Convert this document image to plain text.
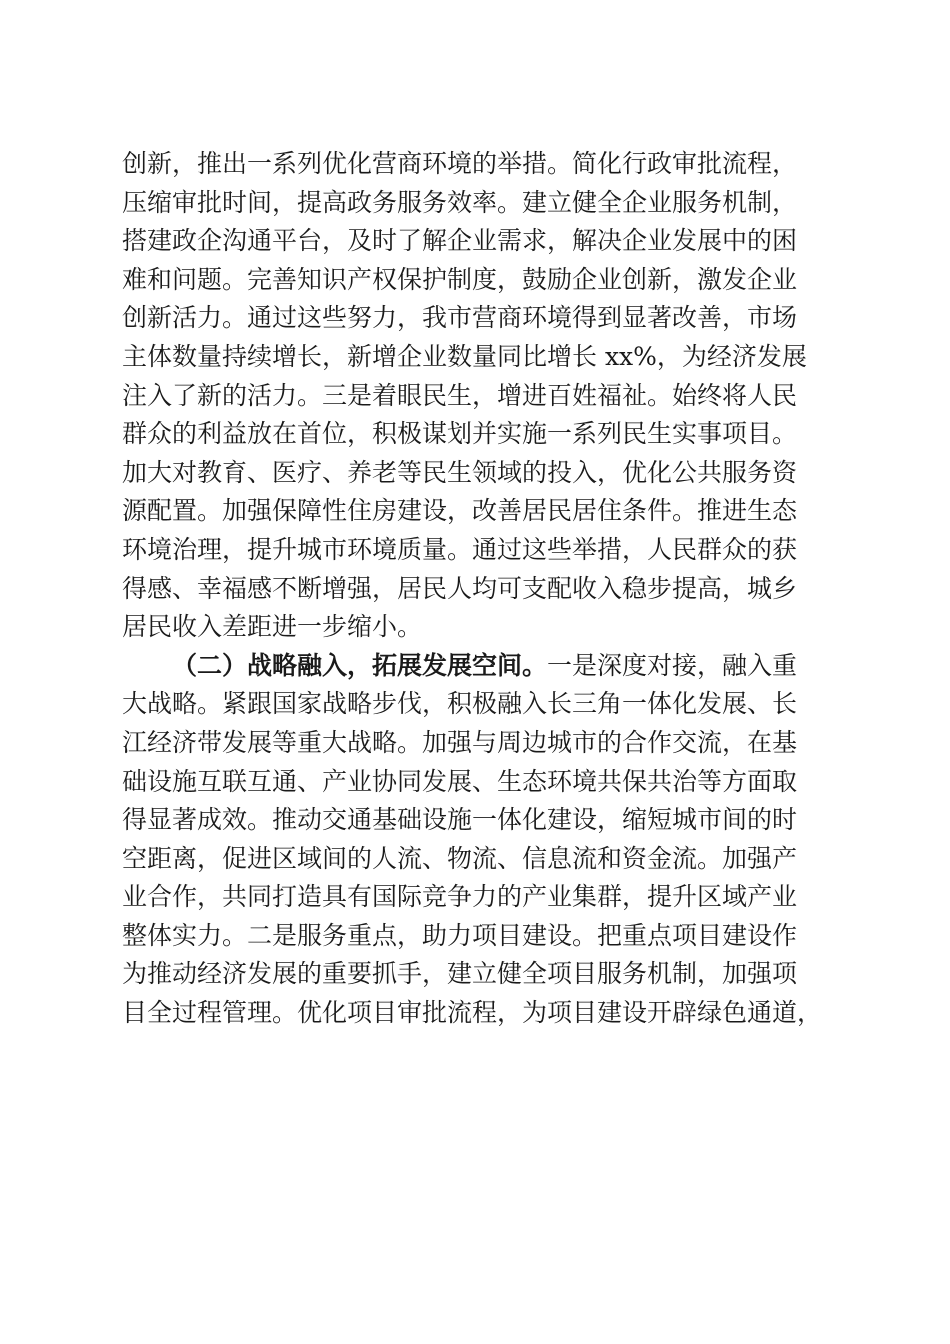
创新，推出一系列优化营商环境的举措。简化行政审批流程，
压缩审批时间，提高政务服务效率。建立健全企业服务机制，
搭建政企沟通平台，及时了解企业需求，解决企业发展中的困
难和问题。完善知识产权保护制度，鼓励企业创新，激发企业
创新活力。通过这些努力，我市营商环境得到显著改善，市场
主体数量持续增长，新增企业数量同比增长 xx%，为经济发展
注入了新的活力。三是着眼民生，增进百姓福祉。始终将人民
群众的利益放在首位，积极谋划并实施一系列民生实事项目。
加大对教育、医疗、养老等民生领域的投入，优化公共服务资
源配置。加强保障性住房建设，改善居民居住条件。推进生态
环境治理，提升城市环境质量。通过这些举措，人民群众的获
得感、幸福感不断增强，居民人均可支配收入稳步提高，城乡
居民收入差距进一步缩小。
（二）战略融入，拓展发展空间。一是深度对接，融入重
大战略。紧跟国家战略步伐，积极融入长三角一体化发展、长
江经济带发展等重大战略。加强与周边城市的合作交流，在基
础设施互联互通、产业协同发展、生态环境共保共治等方面取
得显著成效。推动交通基础设施一体化建设，缩短城市间的时
空距离，促进区域间的人流、物流、信息流和资金流。加强产
业合作，共同打造具有国际竞争力的产业集群，提升区域产业
整体实力。二是服务重点，助力项目建设。把重点项目建设作
为推动经济发展的重要抓手，建立健全项目服务机制，加强项
目全过程管理。优化项目审批流程，为项目建设开辟绿色通道，
